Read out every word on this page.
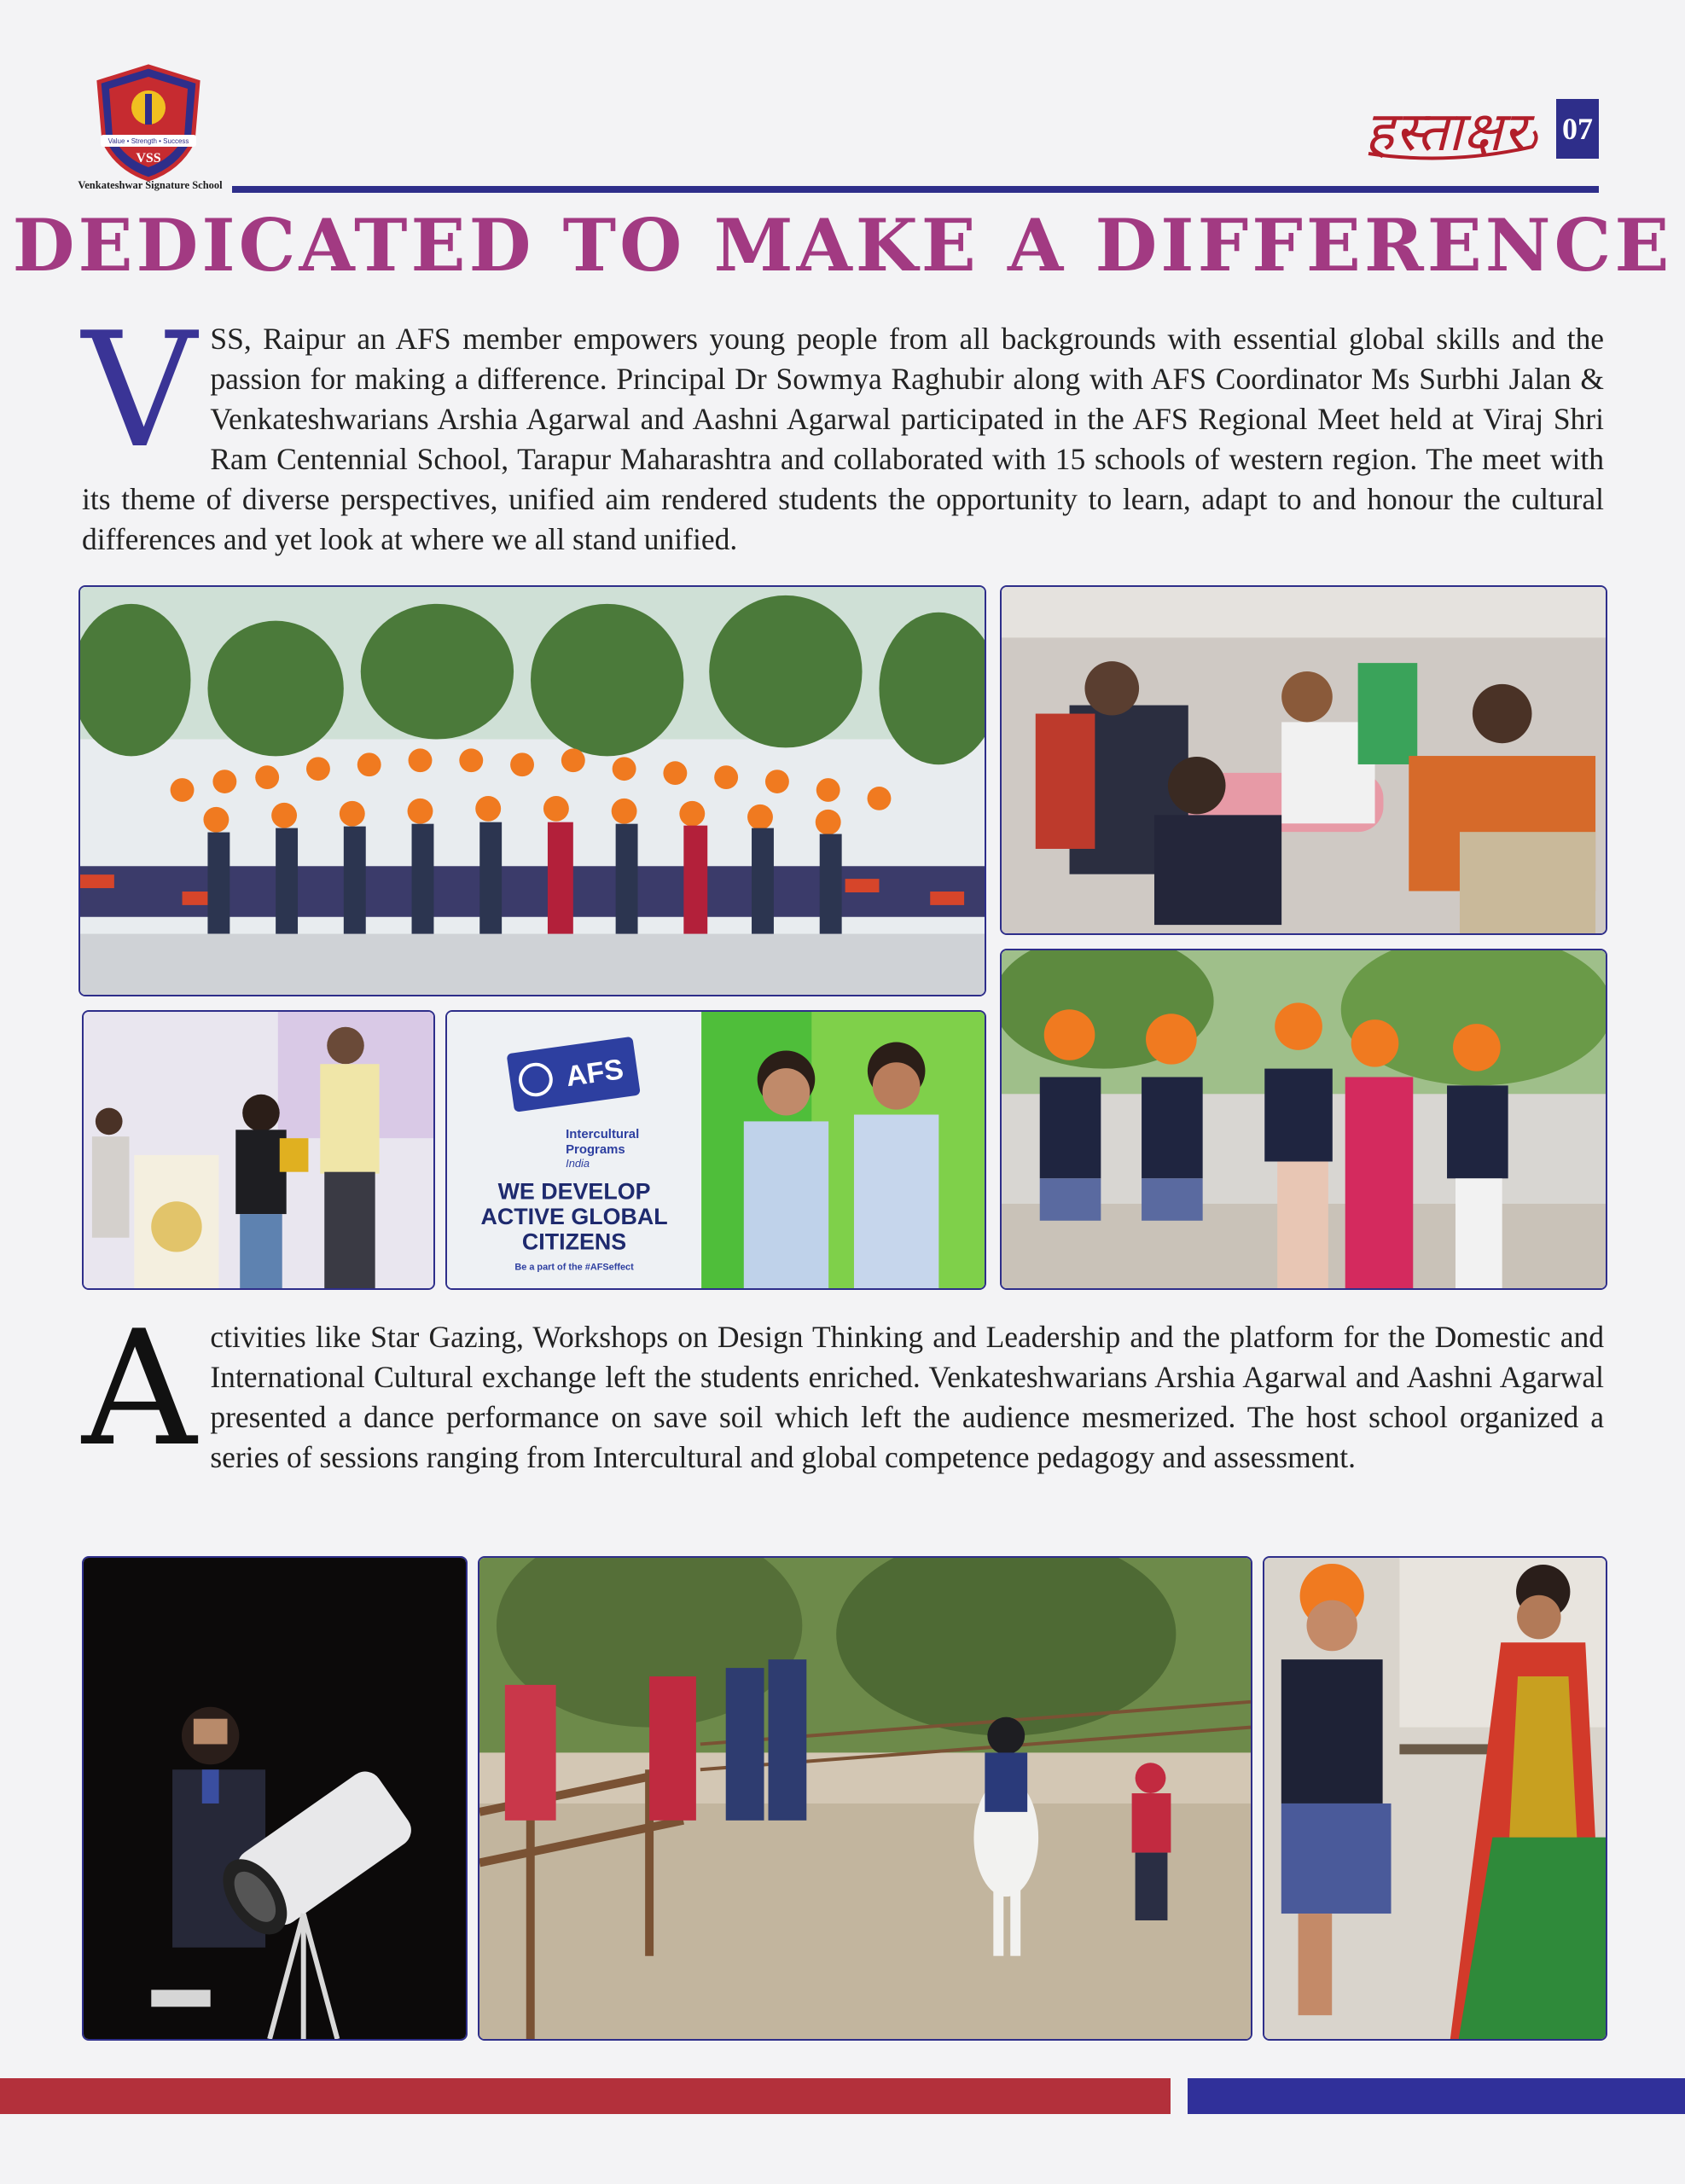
Value • Strength • Success
VSS
Venkateshwar Signature School
हस्ताक्षर 07
DEDICATED TO MAKE A DIFFERENCE
V SS, Raipur an AFS member empowers young people from all backgrounds with essential global skills and the passion for making a difference. Principal Dr Sowmya Raghubir along with AFS Coordinator Ms Surbhi Jalan & Venkateshwarians Arshia Agarwal and Aashni Agarwal participated in the AFS Regional Meet held at Viraj Shri Ram Centennial School, Tarapur Maharashtra and collaborated with 15 schools of western region. The meet with its theme of diverse perspectives, unified aim rendered students the opportunity to learn, adapt to and honour the cultural differences and yet look at where we all stand unified.
AFS
Intercultural
Programs
India
WE DEVELOP
ACTIVE GLOBAL
CITIZENS
Be a part of the #AFSeffect
A ctivities like Star Gazing, Workshops on Design Thinking and Leadership and the platform for the Domestic and International Cultural exchange left the students enriched. Venkateshwarians Arshia Agarwal and Aashni Agarwal presented a dance performance on save soil which left the audience mesmerized. The host school organized a series of sessions ranging from Intercultural and global competence pedagogy and assessment.
